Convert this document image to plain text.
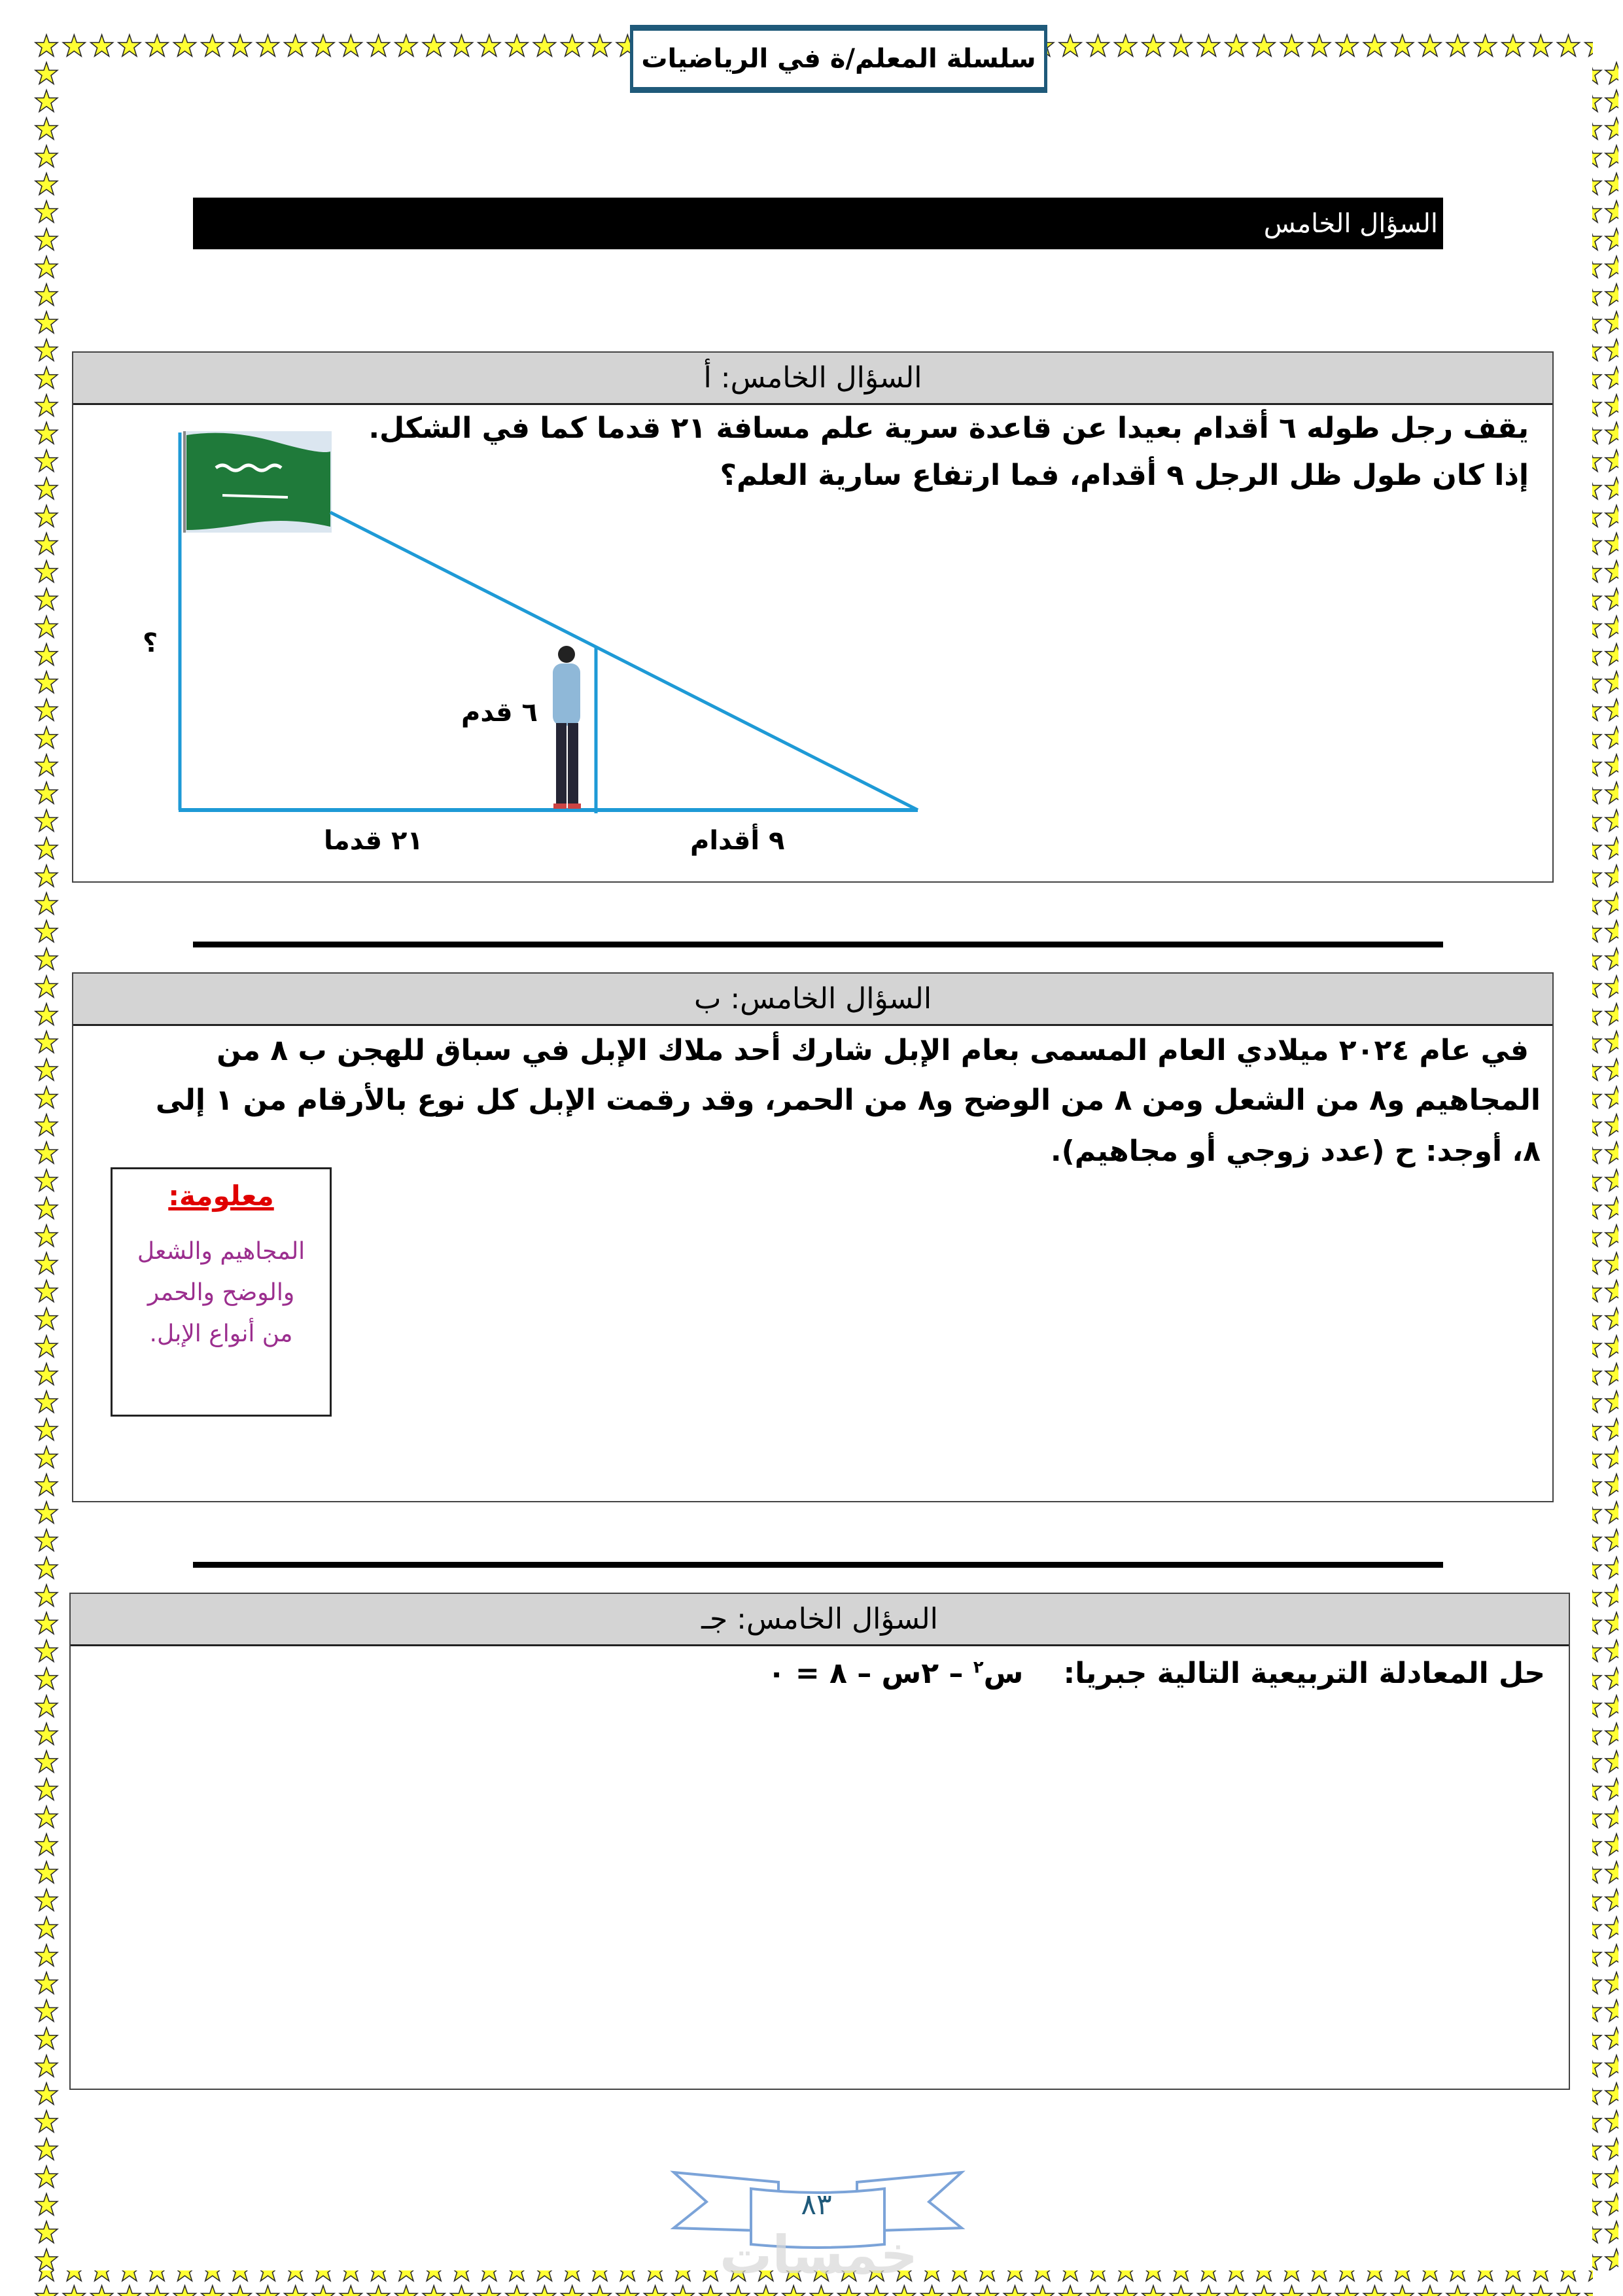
سلسلة المعلم/ة في الرياضيات
السؤال الخامس
السؤال الخامس: أ
يقف رجل طوله ٦ أقدام بعيدا عن قاعدة سرية علم مسافة ٢١ قدما كما في الشكل.
إذا كان طول ظل الرجل ٩ أقدام، فما ارتفاع سارية العلم؟
؟
٦ قدم
٢١ قدما	٩ أقدام
السؤال الخامس: ب
في عام ٢٠٢٤ ميلادي العام المسمى بعام الإبل شارك أحد ملاك الإبل في سباق للهجن ب ٨ من
المجاهيم و٨ من الشعل ومن ٨ من الوضح و٨ من الحمر، وقد رقمت الإبل كل نوع بالأرقام من ١ إلى
٨، أوجد: ح (عدد زوجي أو مجاهيم).
معلومة:
المجاهيم والشعل
والوضح والحمر
من أنواع الإبل.
السؤال الخامس: جـ
حل المعادلة التربيعية التالية جبريا:    س$^٢$ – ٢س – ٨ = ٠
٨٣
خمسات
